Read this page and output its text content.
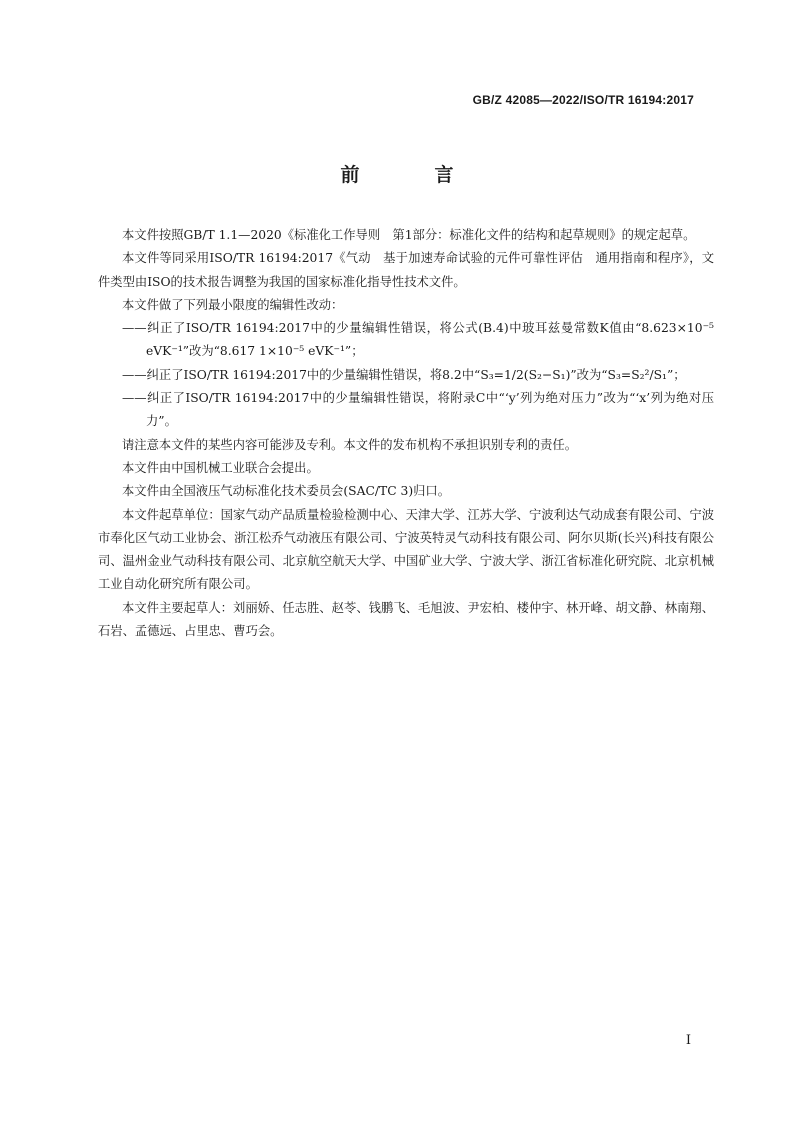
GB/Z 42085—2022/ISO/TR 16194:2017
前　言

本文件按照GB/T 1.1—2020《标准化工作导则　第1部分：标准化文件的结构和起草规则》的规定起草。

本文件等同采用ISO/TR 16194:2017《气动　基于加速寿命试验的元件可靠性评估　通用指南和程序》，文件类型由ISO的技术报告调整为我国的国家标准化指导性技术文件。

本文件做了下列最小限度的编辑性改动：

——纠正了ISO/TR 16194:2017中的少量编辑性错误，将公式(B.4)中玻耳兹曼常数K值由“8.623×10⁻⁵ eVK⁻¹”改为“8.617 1×10⁻⁵ eVK⁻¹”；

——纠正了ISO/TR 16194:2017中的少量编辑性错误，将8.2中“S₃=1/2(S₂−S₁)”改为“S₃=S₂²/S₁”；

——纠正了ISO/TR 16194:2017中的少量编辑性错误，将附录C中“‘y’列为绝对压力”改为“‘x’列为绝对压力”。

请注意本文件的某些内容可能涉及专利。本文件的发布机构不承担识别专利的责任。

本文件由中国机械工业联合会提出。

本文件由全国液压气动标准化技术委员会(SAC/TC 3)归口。

本文件起草单位：国家气动产品质量检验检测中心、天津大学、江苏大学、宁波利达气动成套有限公司、宁波市奉化区气动工业协会、浙江松乔气动液压有限公司、宁波英特灵气动科技有限公司、阿尔贝斯(长兴)科技有限公司、温州金业气动科技有限公司、北京航空航天大学、中国矿业大学、宁波大学、浙江省标准化研究院、北京机械工业自动化研究所有限公司。

本文件主要起草人：刘丽娇、任志胜、赵苓、钱鹏飞、毛旭波、尹宏柏、楼仲宇、林开峰、胡文静、林南翔、石岩、孟德远、占里忠、曹巧会。

I
